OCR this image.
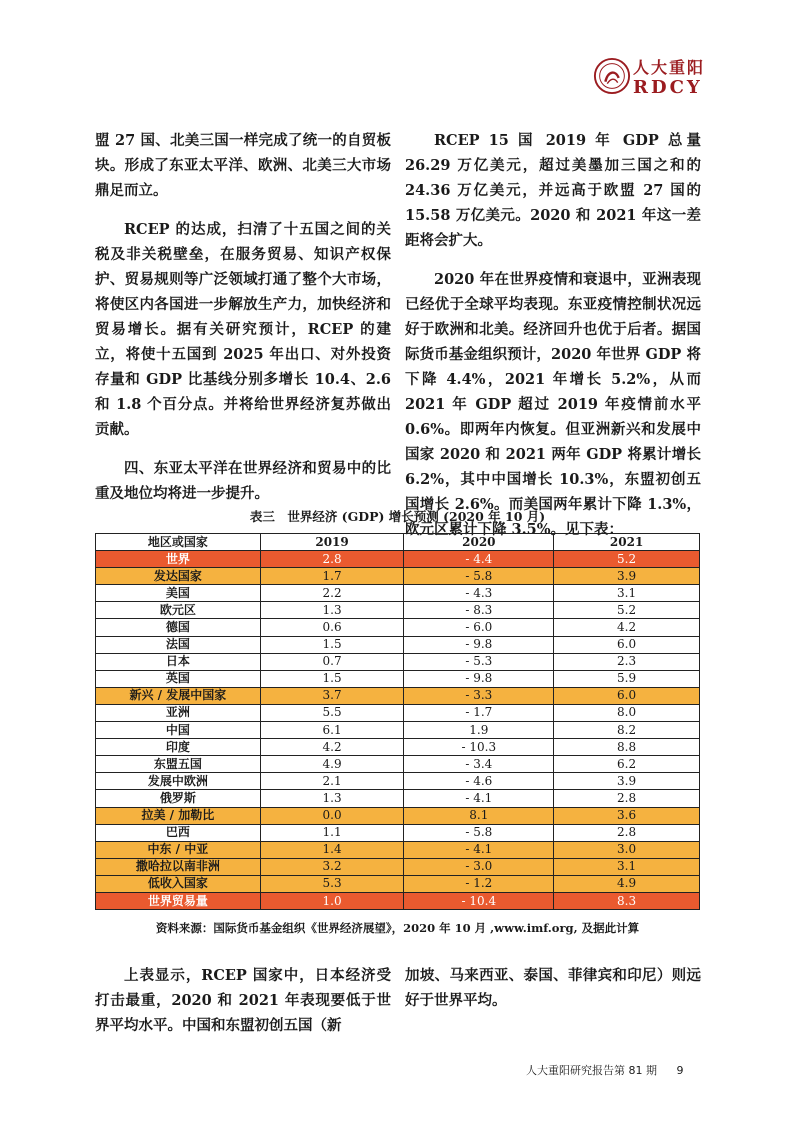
人大重阳
RDCY

盟 27 国、北美三国一样完成了统一的自贸板块。形成了东亚太平洋、欧洲、北美三大市场鼎足而立。

RCEP 的达成，扫清了十五国之间的关税及非关税壁垒，在服务贸易、知识产权保护、贸易规则等广泛领域打通了整个大市场，将使区内各国进一步解放生产力，加快经济和贸易增长。据有关研究预计，RCEP 的建立，将使十五国到 2025 年出口、对外投资存量和 GDP 比基线分别多增长 10.4、2.6 和 1.8 个百分点。并将给世界经济复苏做出贡献。

四、东亚太平洋在世界经济和贸易中的比重及地位均将进一步提升。

RCEP 15 国 2019 年 GDP 总量 26.29 万亿美元，超过美墨加三国之和的 24.36 万亿美元，并远高于欧盟 27 国的 15.58 万亿美元。2020 和 2021 年这一差距将会扩大。

2020 年在世界疫情和衰退中，亚洲表现已经优于全球平均表现。东亚疫情控制状况远好于欧洲和北美。经济回升也优于后者。据国际货币基金组织预计，2020 年世界 GDP 将下降 4.4%，2021 年增长 5.2%，从而 2021 年 GDP 超过 2019 年疫情前水平 0.6%。即两年内恢复。但亚洲新兴和发展中国家 2020 和 2021 两年 GDP 将累计增长 6.2%，其中中国增长 10.3%，东盟初创五国增长 2.6%。而美国两年累计下降 1.3%，欧元区累计下降 3.5%。见下表：

表三　世界经济 (GDP) 增长预测 (2020 年 10 月)
地区或国家	2019	2020	2021
世界	2.8	- 4.4	5.2
发达国家	1.7	- 5.8	3.9
美国	2.2	- 4.3	3.1
欧元区	1.3	- 8.3	5.2
德国	0.6	- 6.0	4.2
法国	1.5	- 9.8	6.0
日本	0.7	- 5.3	2.3
英国	1.5	- 9.8	5.9
新兴 / 发展中国家	3.7	- 3.3	6.0
亚洲	5.5	- 1.7	8.0
中国	6.1	1.9	8.2
印度	4.2	- 10.3	8.8
东盟五国	4.9	- 3.4	6.2
发展中欧洲	2.1	- 4.6	3.9
俄罗斯	1.3	- 4.1	2.8
拉美 / 加勒比	0.0	8.1	3.6
巴西	1.1	- 5.8	2.8
中东 / 中亚	1.4	- 4.1	3.0
撒哈拉以南非洲	3.2	- 3.0	3.1
低收入国家	5.3	- 1.2	4.9
世界贸易量	1.0	- 10.4	8.3
资料来源：国际货币基金组织《世界经济展望》，2020 年 10 月 ,www.imf.org, 及据此计算

上表显示，RCEP 国家中，日本经济受打击最重，2020 和 2021 年表现要低于世界平均水平。中国和东盟初创五国（新

加坡、马来西亚、泰国、菲律宾和印尼）则远好于世界平均。

人大重阳研究报告第 81 期 9
